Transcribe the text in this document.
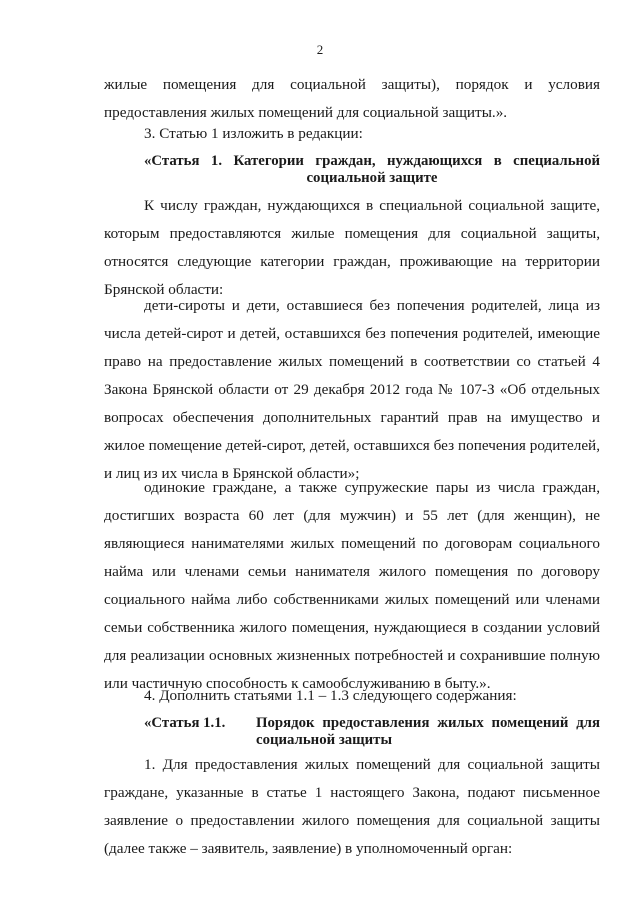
2

жилые помещения для социальной защиты), порядок и условия предоставления жилых помещений для социальной защиты.».

3. Статью 1 изложить в редакции:

«Статья 1. Категории граждан, нуждающихся в специальной
социальной защите

К числу граждан, нуждающихся в специальной социальной защите, которым предоставляются жилые помещения для социальной защиты, относятся следующие категории граждан, проживающие на территории Брянской области:

дети-сироты и дети, оставшиеся без попечения родителей, лица из числа детей-сирот и детей, оставшихся без попечения родителей, имеющие право на предоставление жилых помещений в соответствии со статьей 4 Закона Брянской области от 29 декабря 2012 года № 107-З «Об отдельных вопросах обеспечения дополнительных гарантий прав на имущество и жилое помещение детей-сирот, детей, оставшихся без попечения родителей, и лиц из их числа в Брянской области»;

одинокие граждане, а также супружеские пары из числа граждан, достигших возраста 60 лет (для мужчин) и 55 лет (для женщин), не являющиеся нанимателями жилых помещений по договорам социального найма или членами семьи нанимателя жилого помещения по договору социального найма либо собственниками жилых помещений или членами семьи собственника жилого помещения, нуждающиеся в создании условий для реализации основных жизненных потребностей и сохранившие полную или частичную способность к самообслуживанию в быту.».

4. Дополнить статьями 1.1 – 1.3 следующего содержания:

«Статья 1.1. Порядок предоставления жилых помещений для социальной защиты

1. Для предоставления жилых помещений для социальной защиты граждане, указанные в статье 1 настоящего Закона, подают письменное заявление о предоставлении жилого помещения для социальной защиты (далее также – заявитель, заявление) в уполномоченный орган:
